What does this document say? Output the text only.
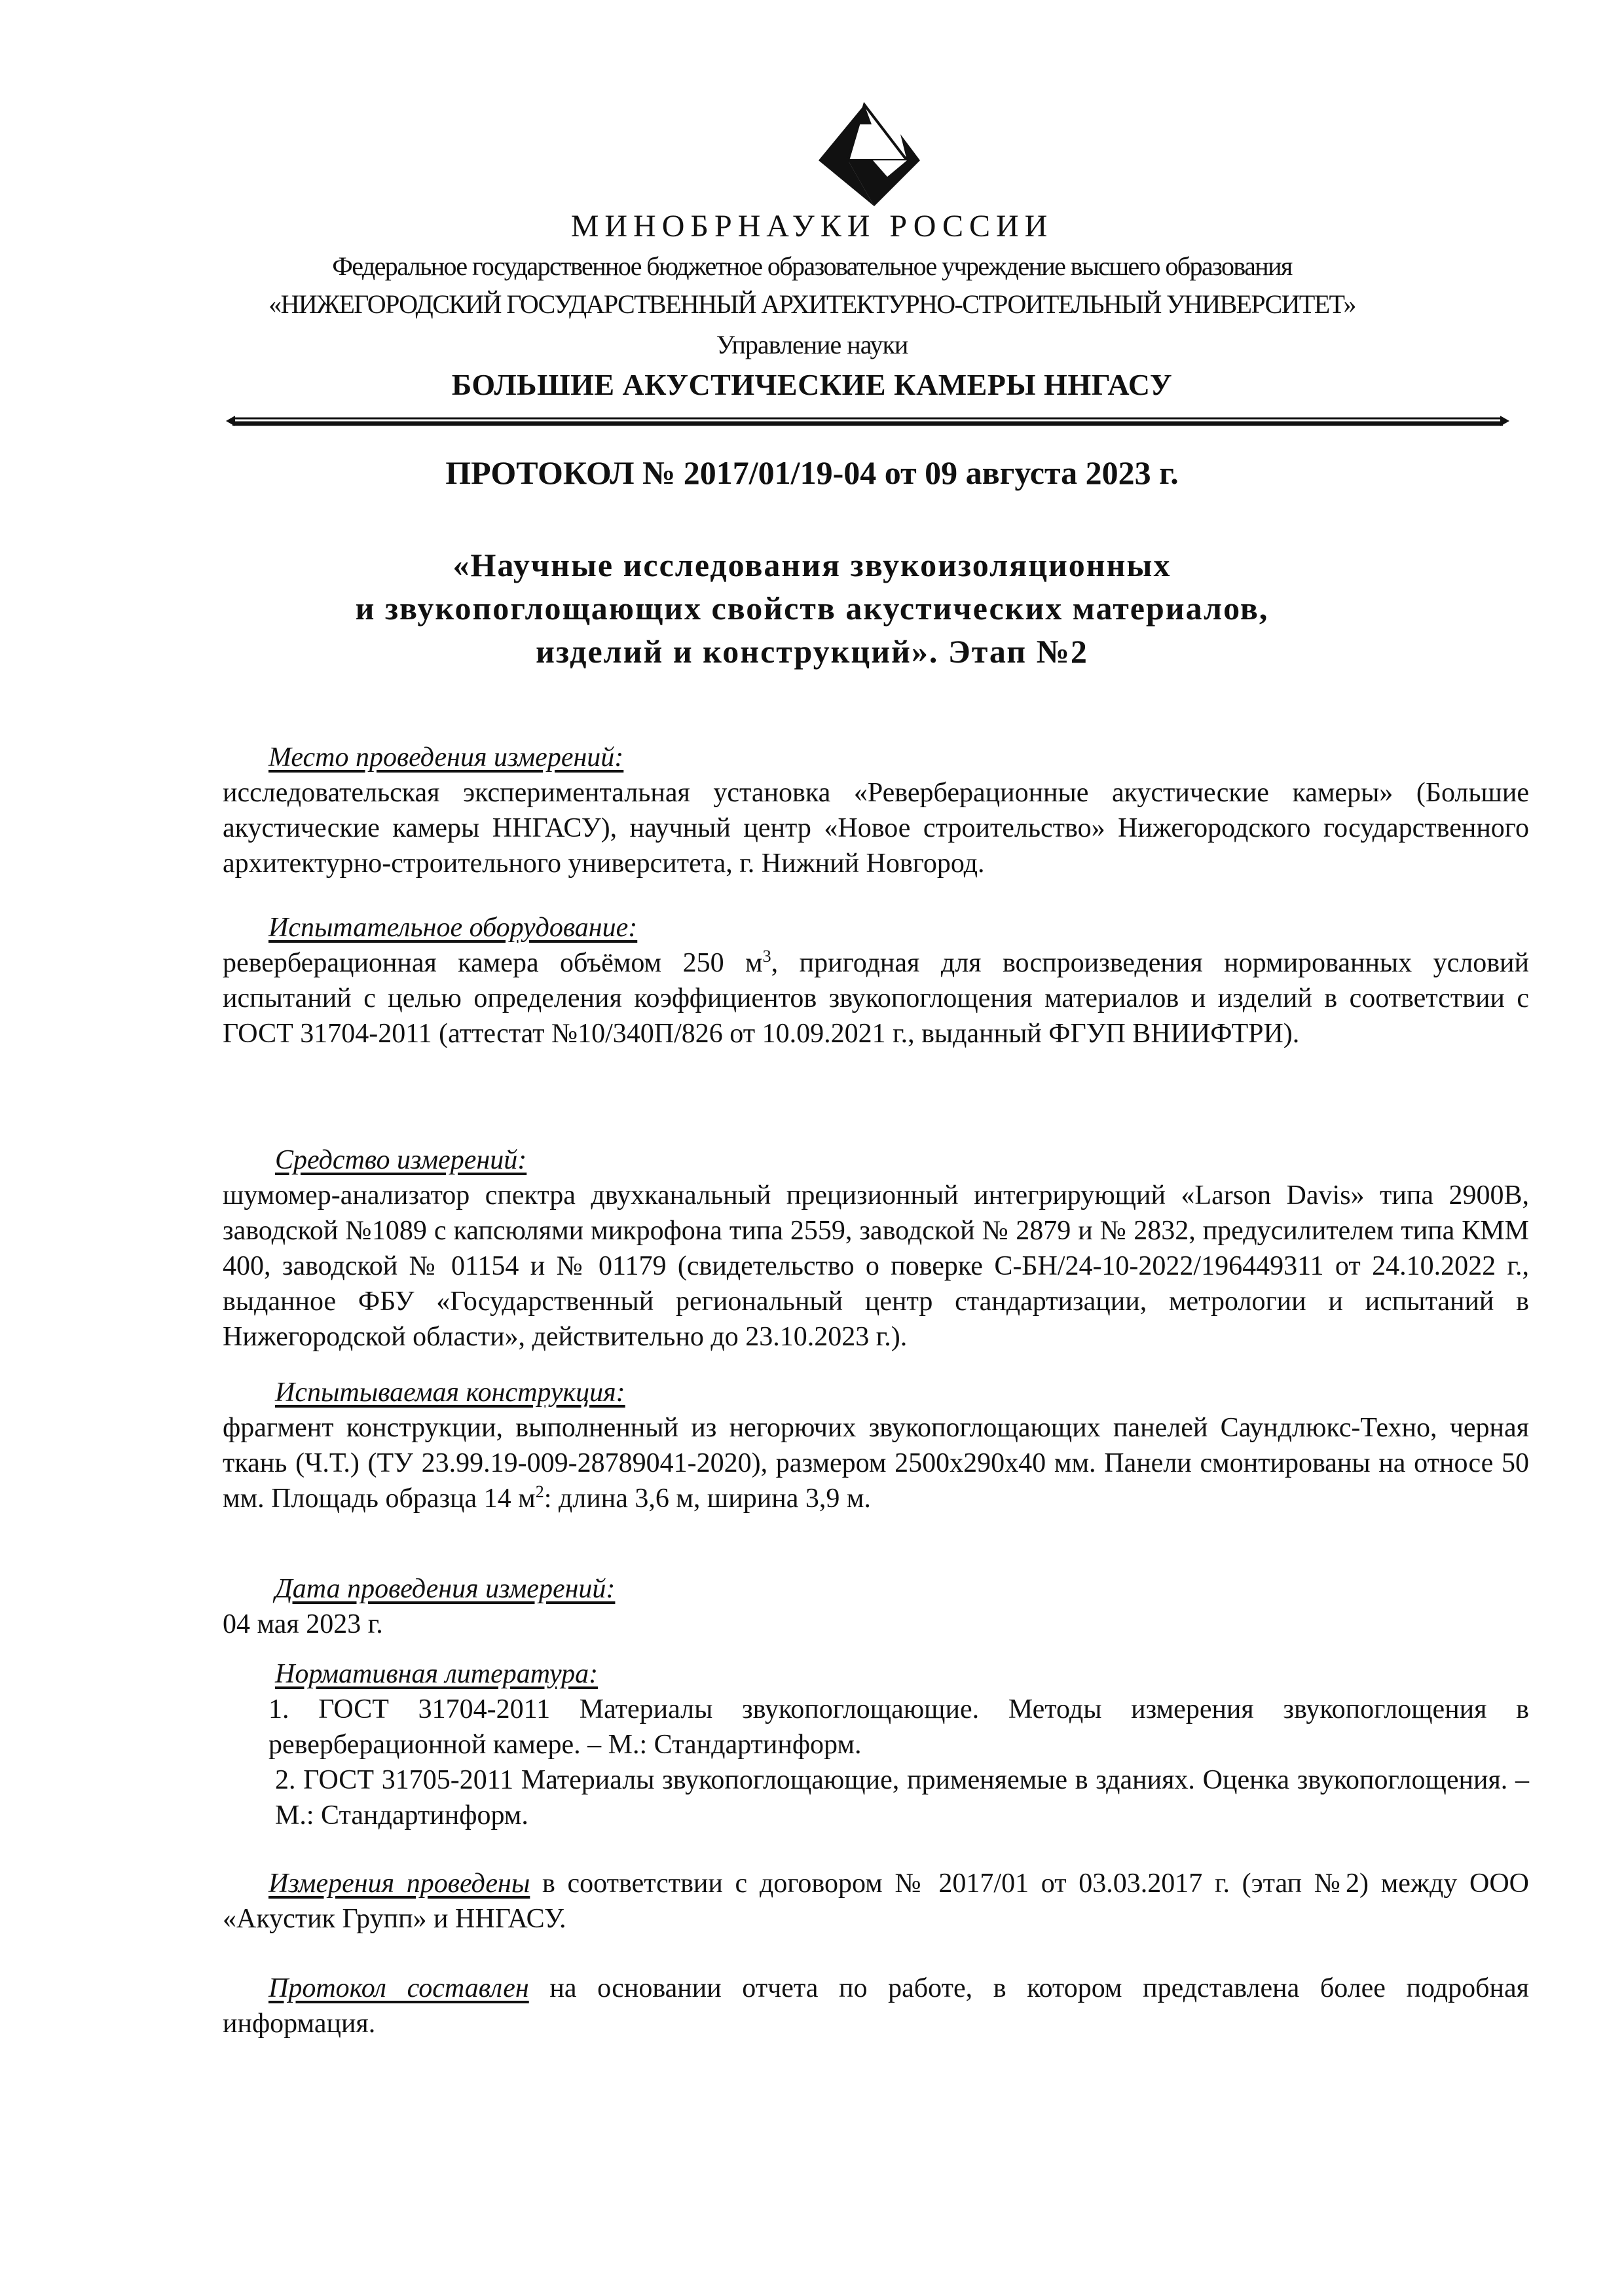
МИНОБРНАУКИ РОССИИ
Федеральное государственное бюджетное образовательное учреждение высшего образования
«НИЖЕГОРОДСКИЙ ГОСУДАРСТВЕННЫЙ АРХИТЕКТУРНО-СТРОИТЕЛЬНЫЙ УНИВЕРСИТЕТ»
Управление науки
БОЛЬШИЕ АКУСТИЧЕСКИЕ КАМЕРЫ ННГАСУ
ПРОТОКОЛ № 2017/01/19-04 от 09 августа 2023 г.
«Научные исследования звукоизоляционных
и звукопоглощающих свойств акустических материалов,
изделий и конструкций». Этап №2
Место проведения измерений:
исследовательская экспериментальная установка «Реверберационные акустические камеры» (Большие акустические камеры ННГАСУ), научный центр «Новое строительство» Нижегородского государственного архитектурно-строительного университета, г. Нижний Новгород.
Испытательное оборудование:
реверберационная камера объёмом 250 $м^3$, пригодная для воспроизведения нормированных условий испытаний с целью определения коэффициентов звукопоглощения материалов и изделий в соответствии с ГОСТ 31704-2011 (аттестат №10/340П/826 от 10.09.2021 г., выданный ФГУП ВНИИФТРИ).
Средство измерений:
шумомер-анализатор спектра двухканальный прецизионный интегрирующий «Larson Davis» типа 2900В, заводской №1089 с капсюлями микрофона типа 2559, заводской № 2879 и № 2832, предусилителем типа КММ 400, заводской № 01154 и № 01179 (свидетельство о поверке С-БН/24-10-2022/196449311 от 24.10.2022 г., выданное ФБУ «Государственный региональный центр стандартизации, метрологии и испытаний в Нижегородской области», действительно до 23.10.2023 г.).
Испытываемая конструкция:
фрагмент конструкции, выполненный из негорючих звукопоглощающих панелей Саундлюкс-Техно, черная ткань (Ч.Т.) (ТУ 23.99.19-009-28789041-2020), размером 2500х290х40 мм. Панели смонтированы на относе 50 мм. Площадь образца 14 $м^2$: длина 3,6 м, ширина 3,9 м.
Дата проведения измерений:
04 мая 2023 г.
Нормативная литература:
1. ГОСТ 31704-2011 Материалы звукопоглощающие. Методы измерения звукопоглощения в реверберационной камере. – М.: Стандартинформ.
2. ГОСТ 31705-2011 Материалы звукопоглощающие, применяемые в зданиях. Оценка звукопоглощения. – М.: Стандартинформ.
Измерения проведены в соответствии с договором № 2017/01 от 03.03.2017 г. (этап №2) между ООО «Акустик Групп» и ННГАСУ.
Протокол составлен на основании отчета по работе, в котором представлена более подробная информация.
